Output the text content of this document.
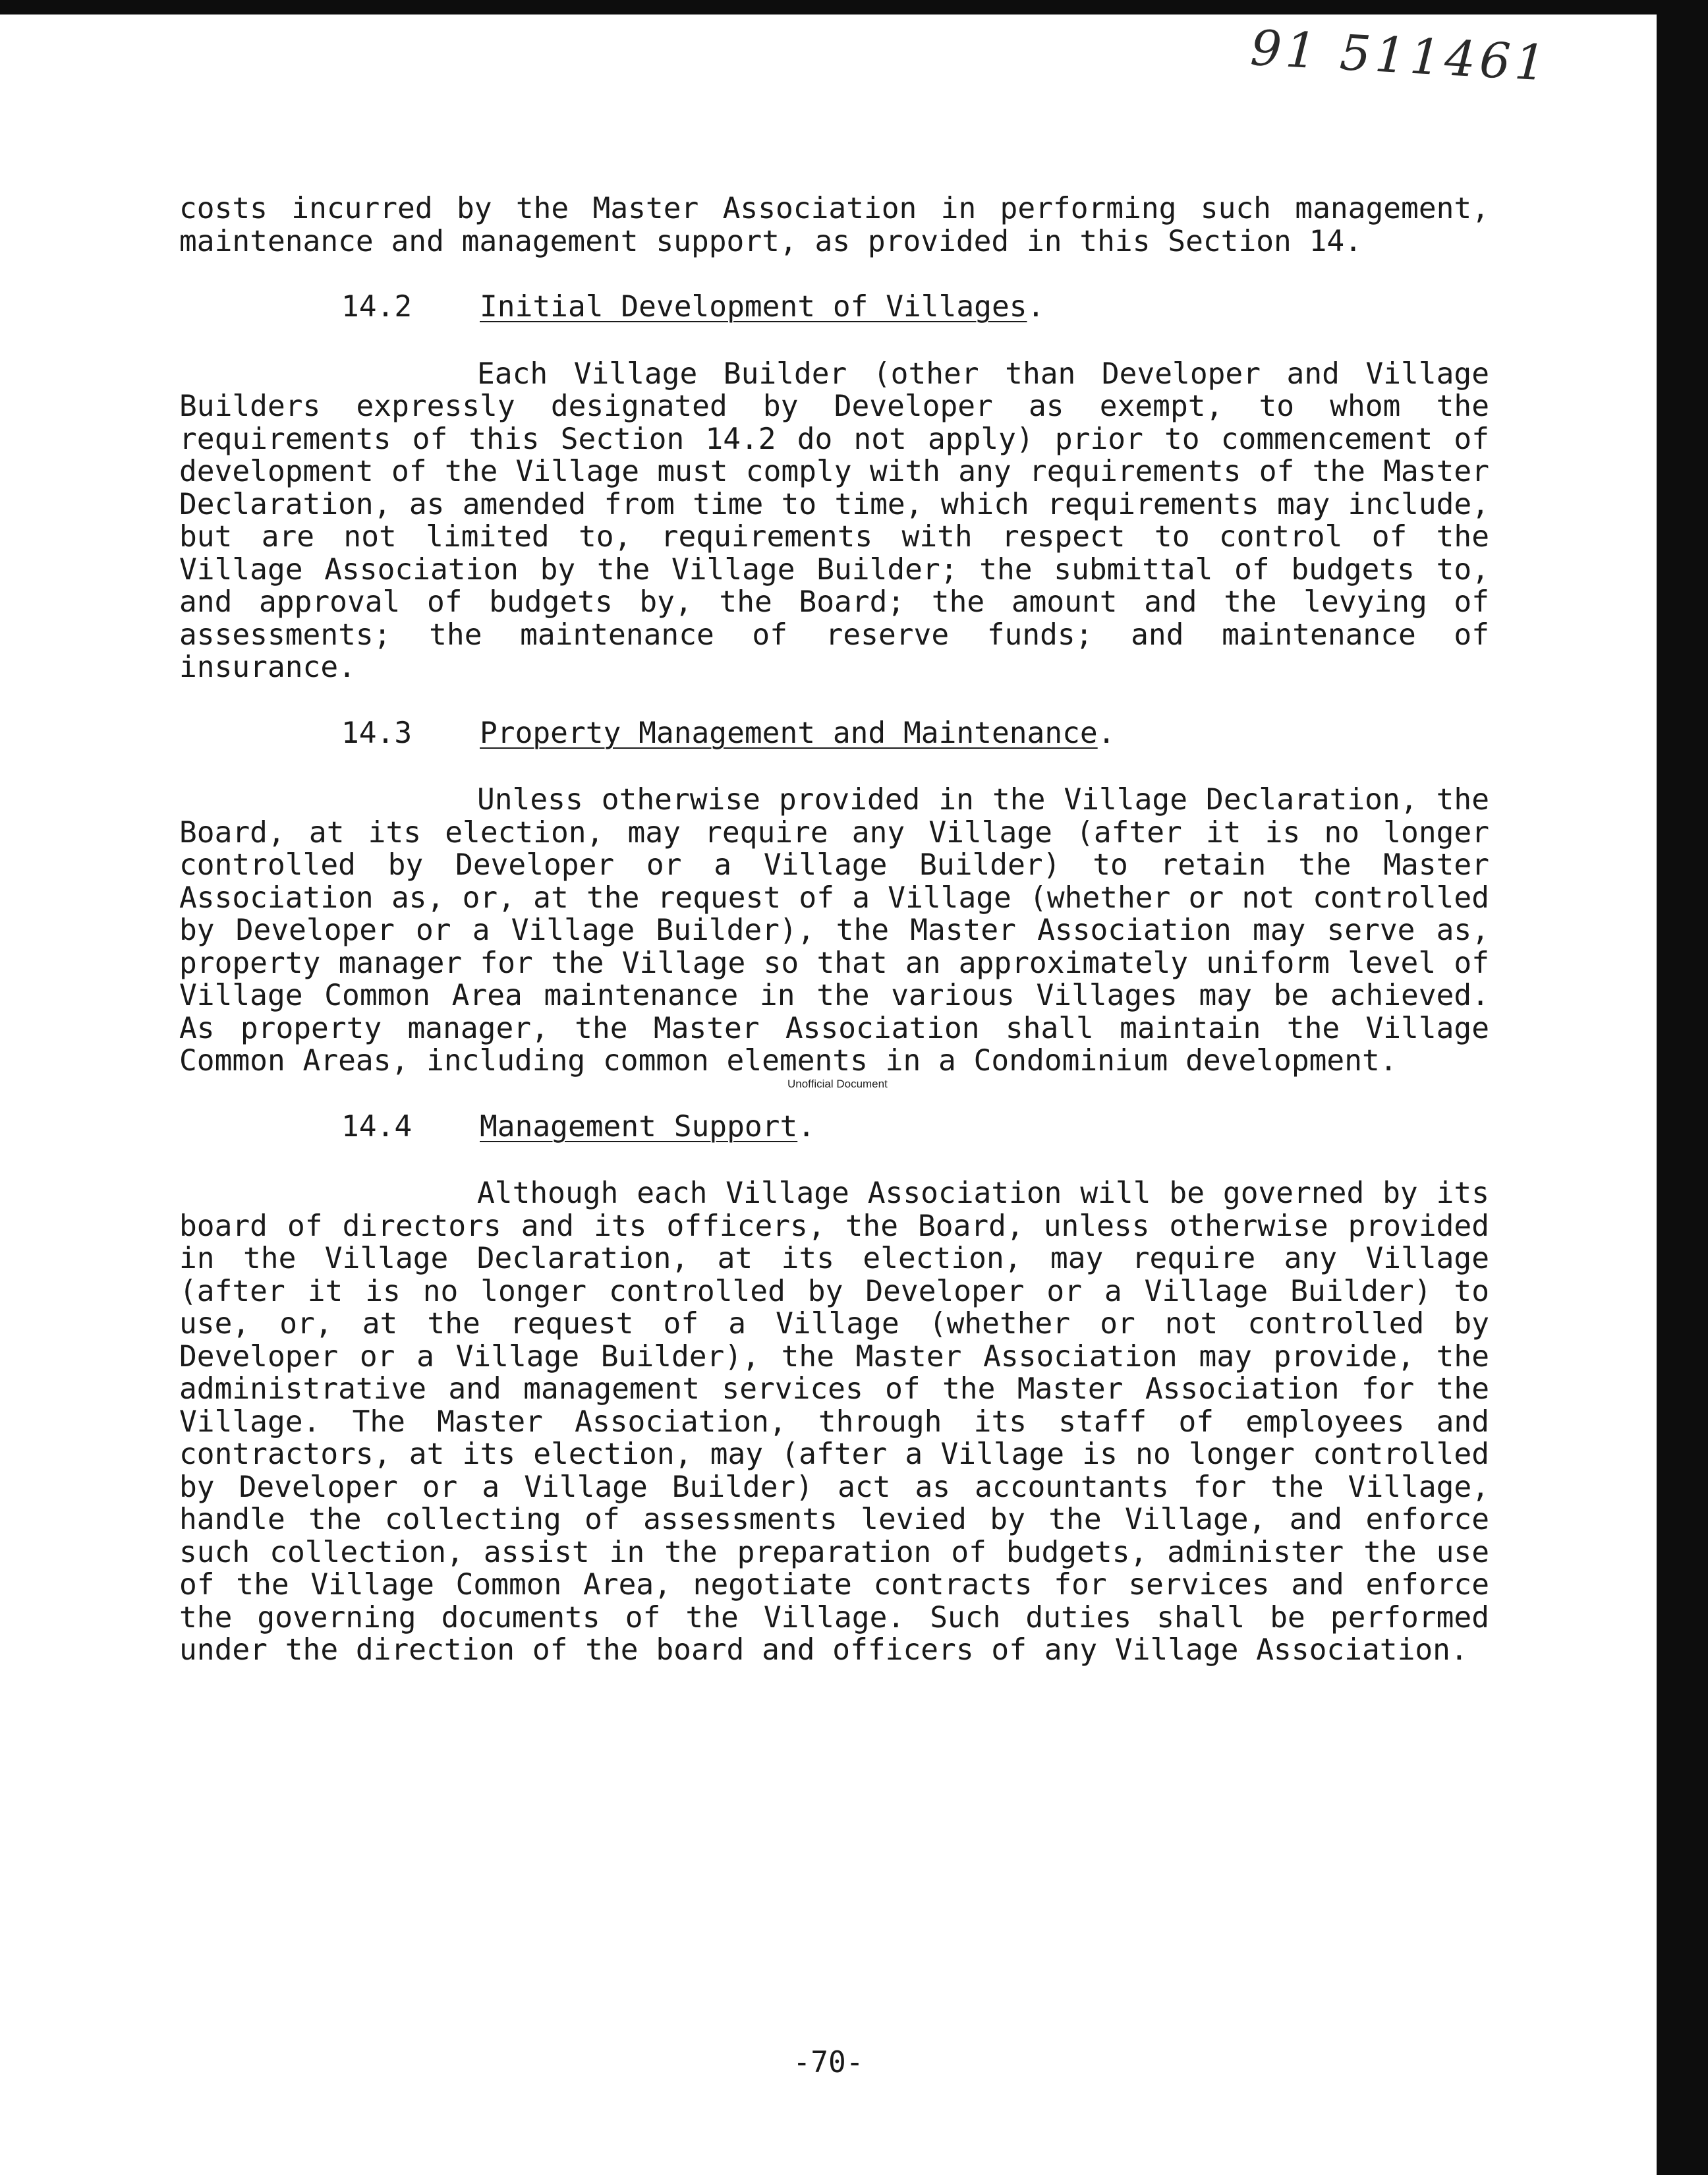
91 511461

costs incurred by the Master Association in performing such management, maintenance and management support, as provided in this Section 14.

14.2 Initial Development of Villages.

Each Village Builder (other than Developer and Village Builders expressly designated by Developer as exempt, to whom the requirements of this Section 14.2 do not apply) prior to commencement of development of the Village must comply with any requirements of the Master Declaration, as amended from time to time, which requirements may include, but are not limited to, requirements with respect to control of the Village Association by the Village Builder; the submittal of budgets to, and approval of budgets by, the Board; the amount and the levying of assessments; the maintenance of reserve funds; and maintenance of insurance.

14.3 Property Management and Maintenance.

Unless otherwise provided in the Village Declaration, the Board, at its election, may require any Village (after it is no longer controlled by Developer or a Village Builder) to retain the Master Association as, or, at the request of a Village (whether or not controlled by Developer or a Village Builder), the Master Association may serve as, property manager for the Village so that an approximately uniform level of Village Common Area maintenance in the various Villages may be achieved. As property manager, the Master Association shall maintain the Village Common Areas, including common elements in a Condominium development.

14.4 Management Support.

Although each Village Association will be governed by its board of directors and its officers, the Board, unless otherwise provided in the Village Declaration, at its election, may require any Village (after it is no longer controlled by Developer or a Village Builder) to use, or, at the request of a Village (whether or not controlled by Developer or a Village Builder), the Master Association may provide, the administrative and management services of the Master Association for the Village. The Master Association, through its staff of employees and contractors, at its election, may (after a Village is no longer controlled by Developer or a Village Builder) act as accountants for the Village, handle the collecting of assessments levied by the Village, and enforce such collection, assist in the preparation of budgets, administer the use of the Village Common Area, negotiate contracts for services and enforce the governing documents of the Village. Such duties shall be performed under the direction of the board and officers of any Village Association.

Unofficial Document
-70-
